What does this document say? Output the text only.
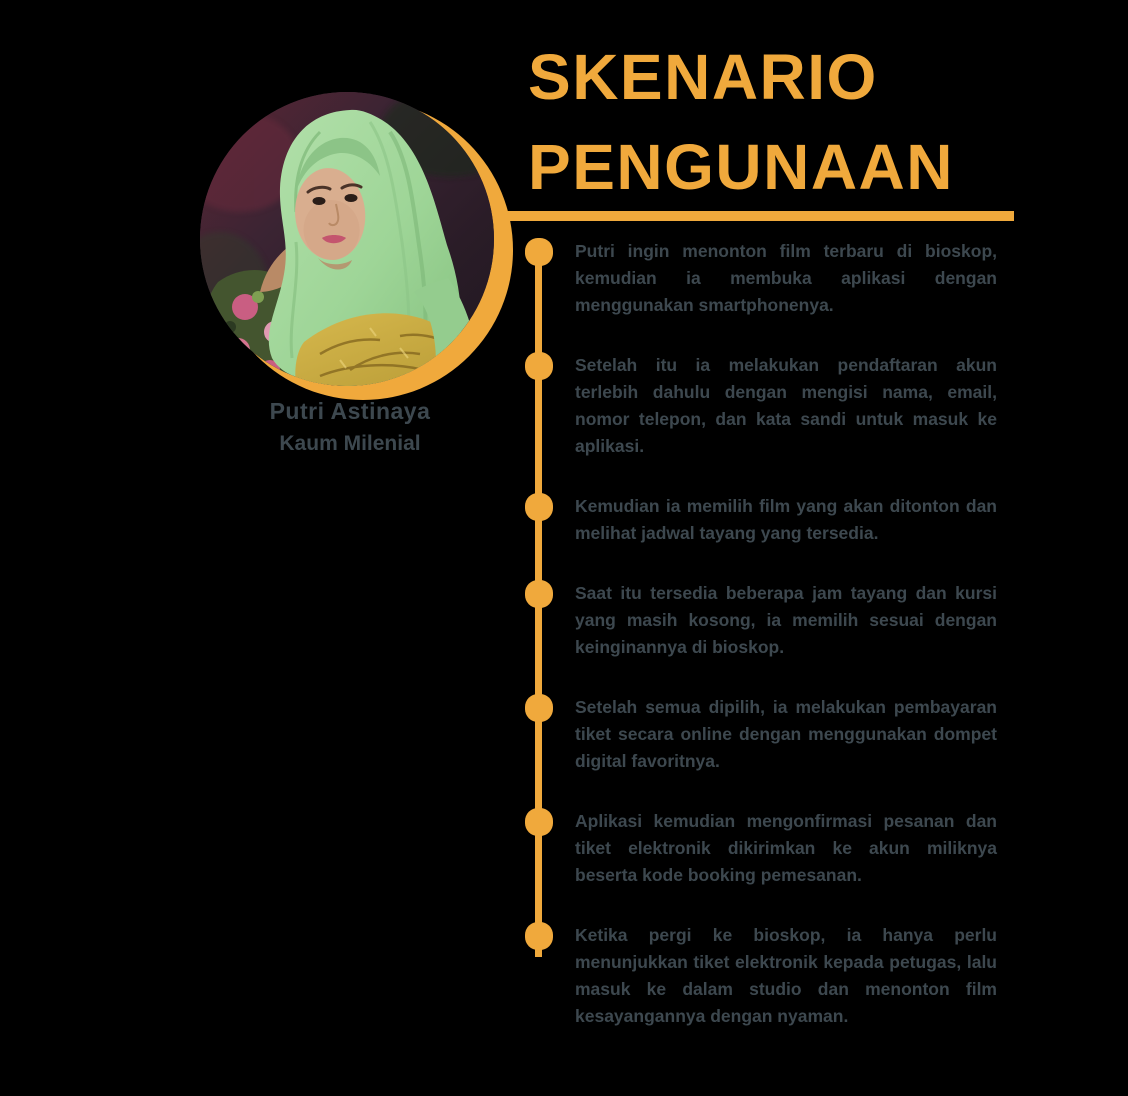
Putri Astinaya
Kaum Milenial
SKENARIO
PENGUNAAN
Putri ingin menonton film terbaru di bioskop, kemudian ia membuka aplikasi dengan menggunakan smartphonenya.
Setelah itu ia melakukan pendaftaran akun terlebih dahulu dengan mengisi nama, email, nomor telepon, dan kata sandi untuk masuk ke aplikasi.
Kemudian ia memilih film yang akan ditonton dan melihat jadwal tayang yang tersedia.
Saat itu tersedia beberapa jam tayang dan kursi yang masih kosong, ia memilih sesuai dengan keinginannya di bioskop.
Setelah semua dipilih, ia melakukan pembayaran tiket secara online dengan menggunakan dompet digital favoritnya.
Aplikasi kemudian mengonfirmasi pesanan dan tiket elektronik dikirimkan ke akun miliknya beserta kode booking pemesanan.
Ketika pergi ke bioskop, ia hanya perlu menunjukkan tiket elektronik kepada petugas, lalu masuk ke dalam studio dan menonton film kesayangannya dengan nyaman.
